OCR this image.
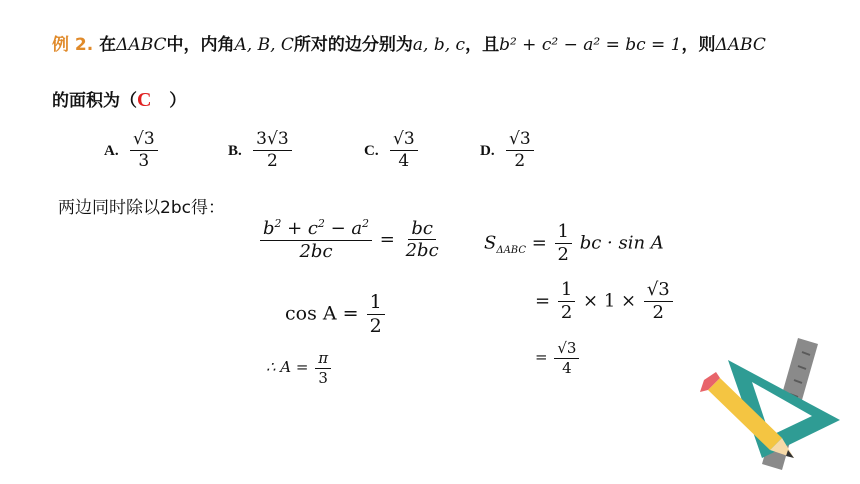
例 2. 在ΔABC中，内角A, B, C所对的边分别为a, b, c，且b² + c² − a² = bc = 1，则ΔABC
的面积为（C ）
A. $\frac{√3}{3}$	B. $\frac{3√3}{2}$	C. $\frac{√3}{4}$	D. $\frac{√3}{2}$
两边同时除以2bc得：
$\frac{b^2 + c^2 - a^2}{2bc} = \frac{bc}{2bc}$
$\cos A = \frac{1}{2}$
∴ $A = \frac{\pi}{3}$
$S_{\Delta ABC} = \frac{1}{2}$ bc · sin A
= $\frac{1}{2} \times 1 \times \frac{√3}{2}$
= $\frac{√3}{4}$
